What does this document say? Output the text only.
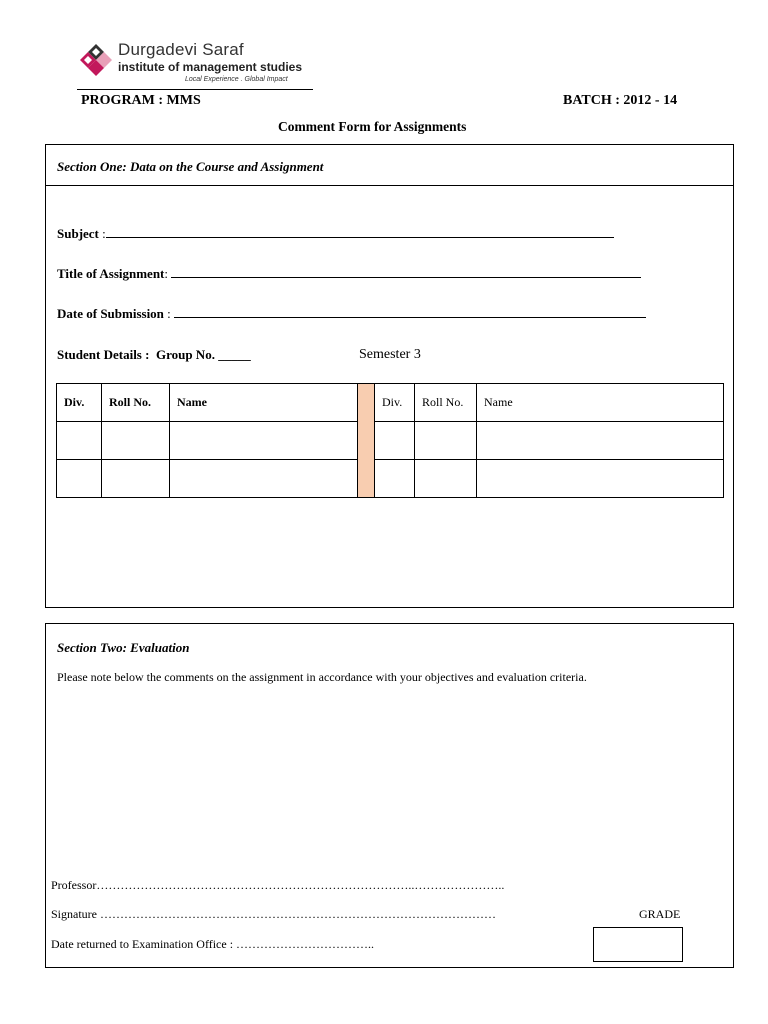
Durgadevi Saraf
institute of management studies
Local Experience . Global Impact
PROGRAM : MMS	BATCH : 2012 - 14
Comment Form for Assignments
Section One: Data on the Course and Assignment
Subject :
Title of Assignment:
Date of Submission :
Student Details : Group No. _____	Semester 3
Div.	Roll No.	Name		Div.	Roll No.	Name

Section Two: Evaluation
Please note below the comments on the assignment in accordance with your objectives and evaluation criteria.
Professor……………………………………………………………………..…………………..
Signature ………………………………………………………………………………………
Date returned to Examination Office : ……………………………..
GRADE
